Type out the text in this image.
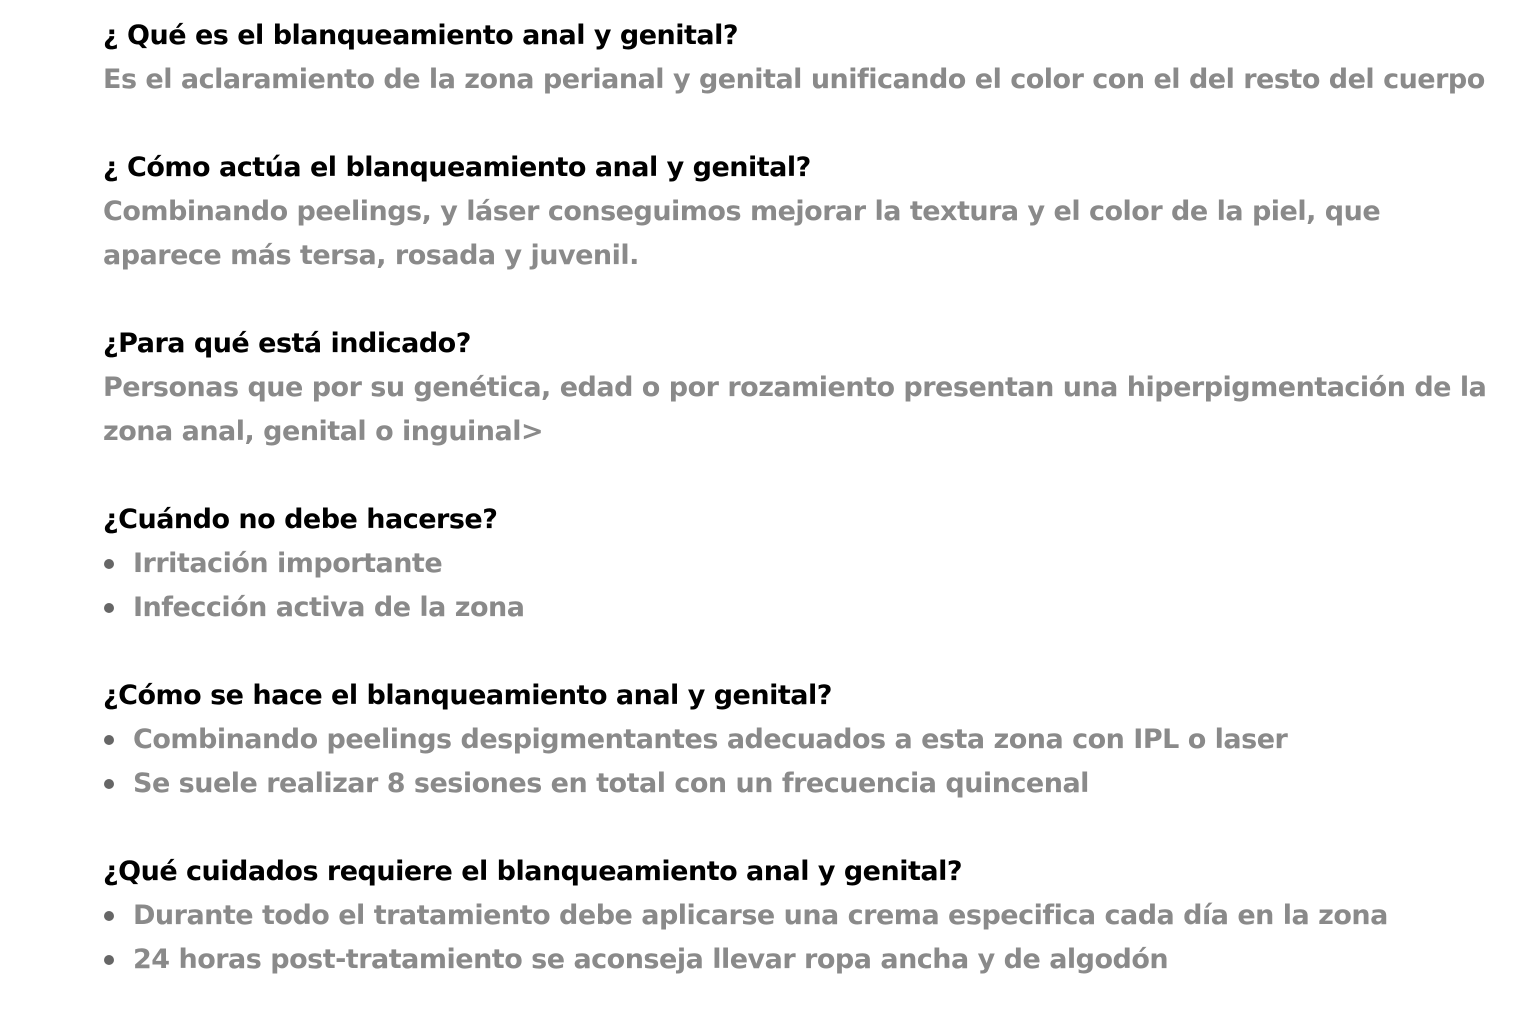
¿ Qué es el blanqueamiento anal y genital?

Es el aclaramiento de la zona perianal y genital unificando el color con el del resto del cuerpo

¿ Cómo actúa el blanqueamiento anal y genital?

Combinando peelings, y láser conseguimos mejorar la textura y el color de la piel, que aparece más tersa, rosada y juvenil.

¿Para qué está indicado?

Personas que por su genética, edad o por rozamiento presentan una hiperpigmentación de la zona anal, genital o inguinal>

¿Cuándo no debe hacerse?
Irritación importante
Infección activa de la zona
¿Cómo se hace el blanqueamiento anal y genital?
Combinando peelings despigmentantes adecuados a esta zona con IPL o laser
Se suele realizar 8 sesiones en total con un frecuencia quincenal
¿Qué cuidados requiere el blanqueamiento anal y genital?
Durante todo el tratamiento debe aplicarse una crema especifica cada día en la zona
24 horas post-tratamiento se aconseja llevar ropa ancha y de algodón
